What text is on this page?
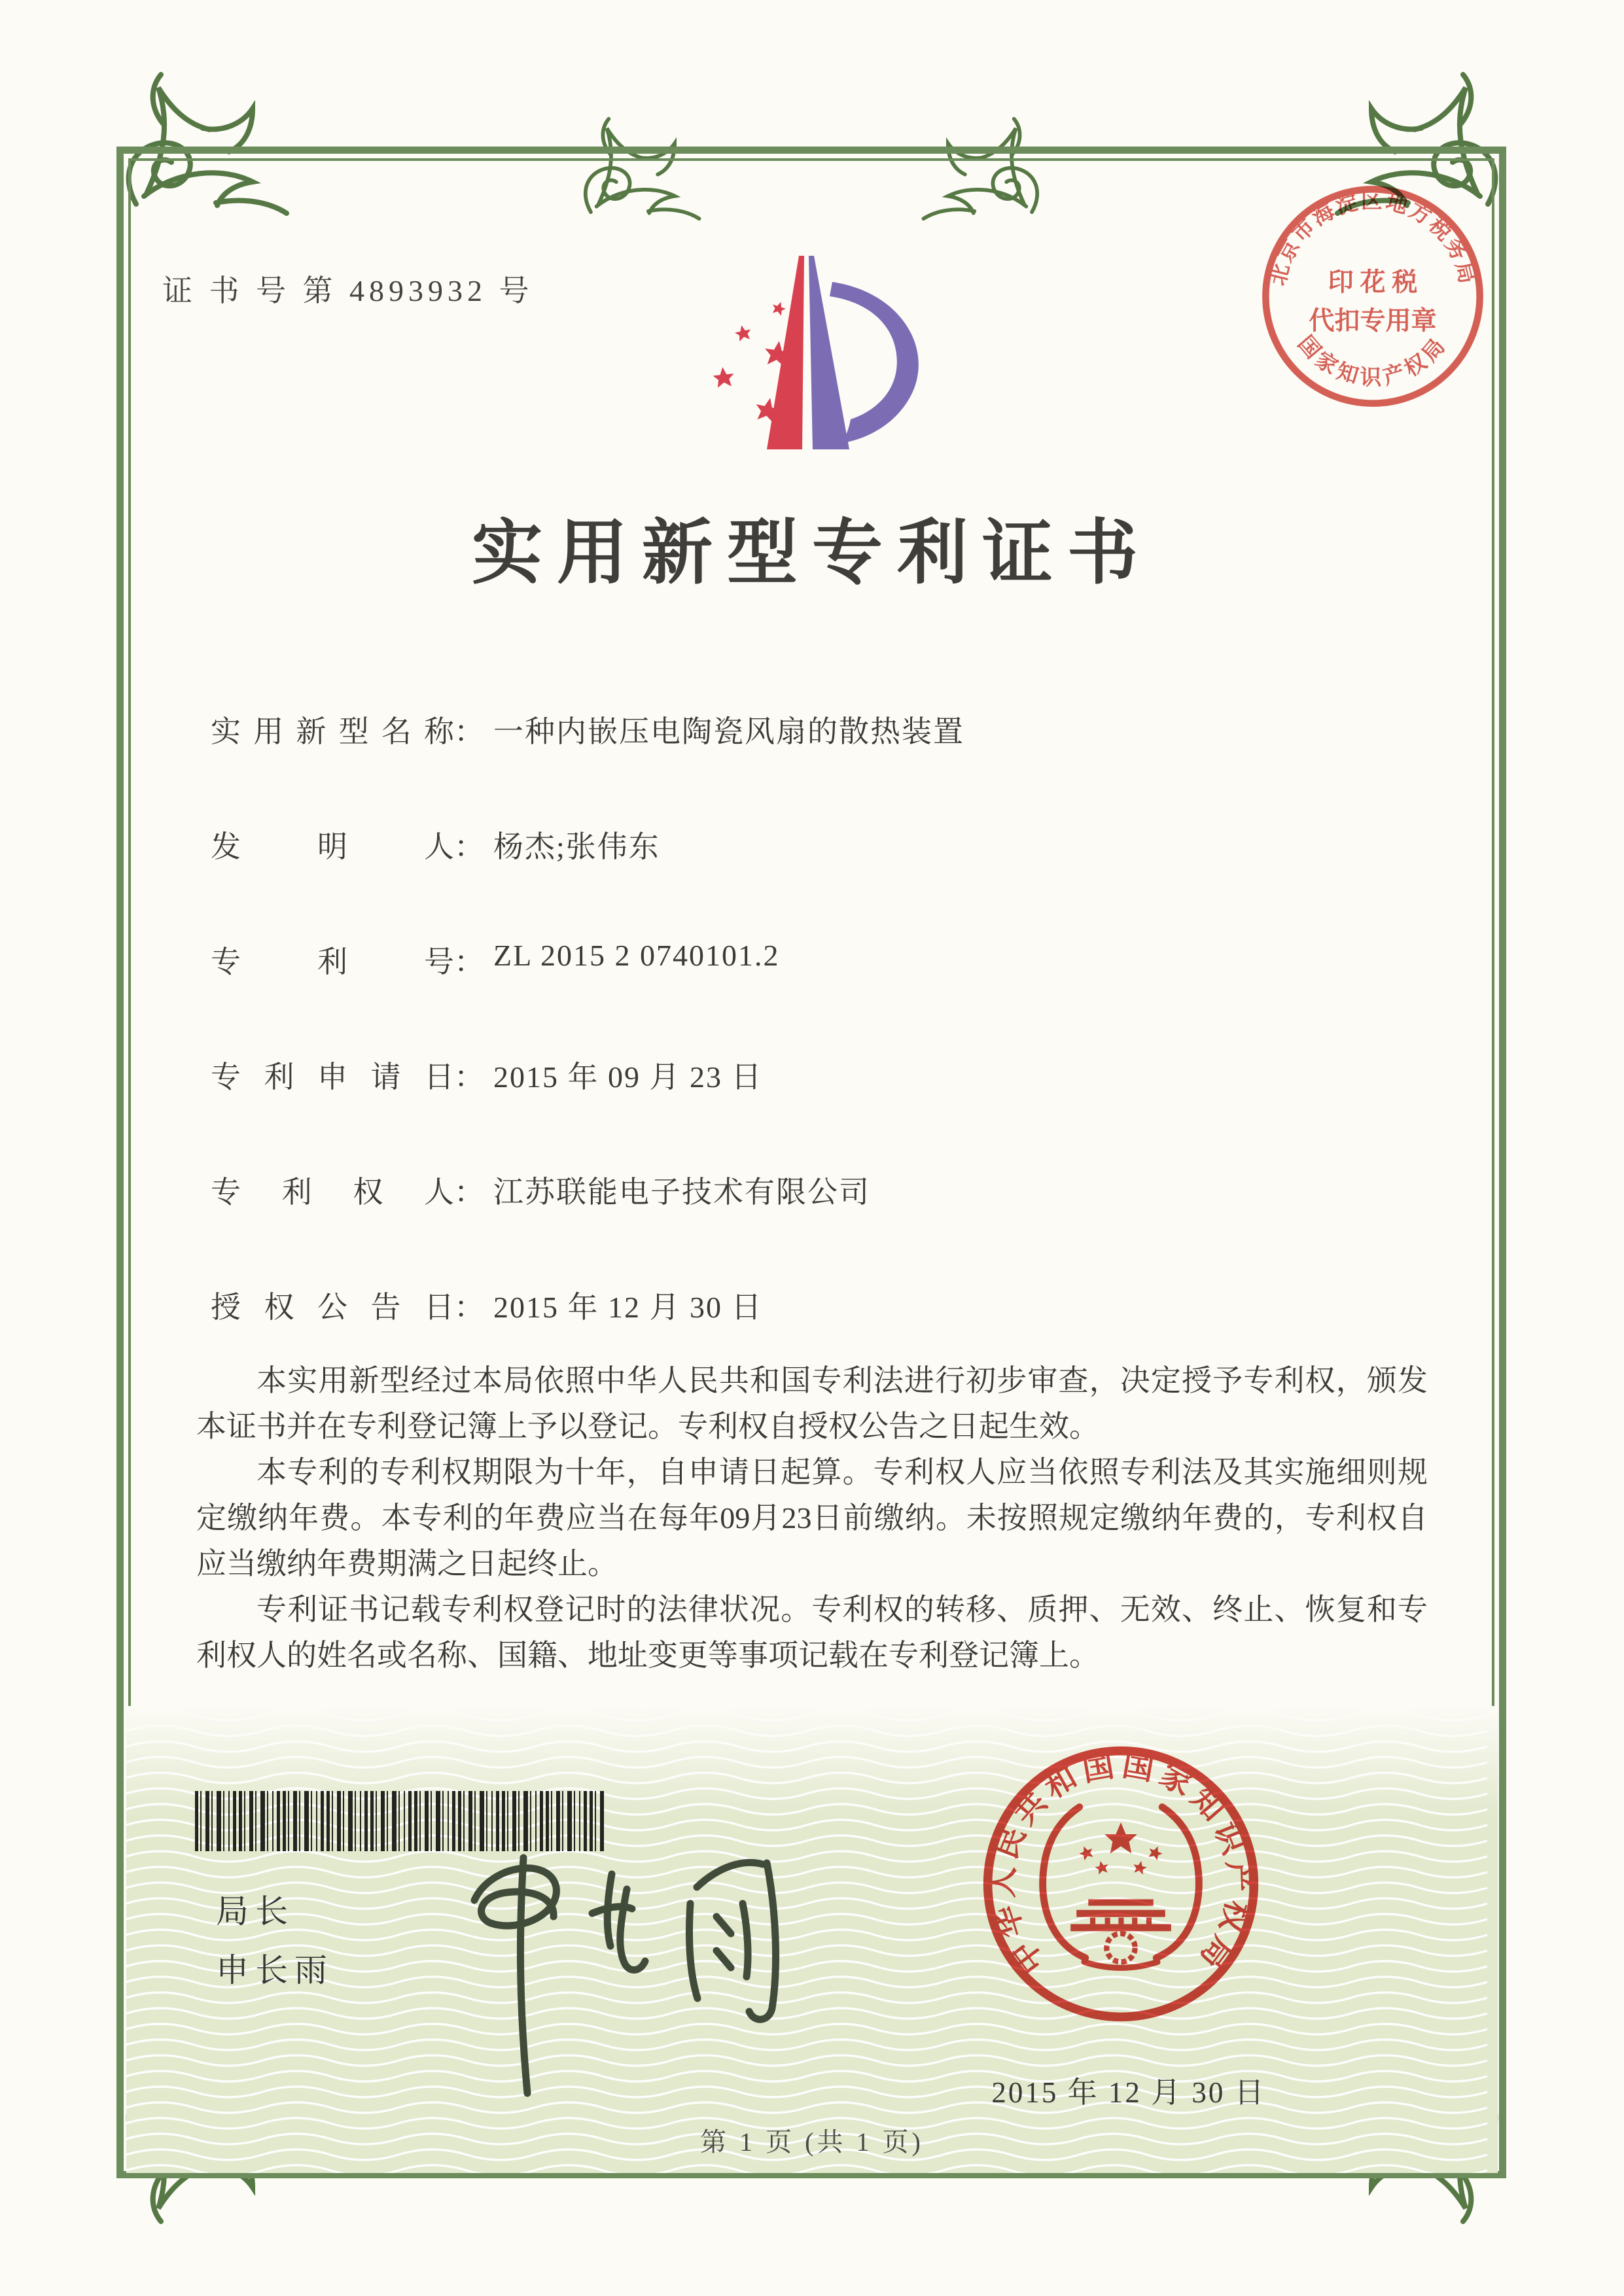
证 书 号 第 4893932 号
北京市海淀区地方税务局
国家知识产权局
印 花 税
代扣专用章
实用新型专利证书
实用新型名称： 一种内嵌压电陶瓷风扇的散热装置
发明人： 杨杰;张伟东
专利号： ZL 2015 2 0740101.2
专利申请日： 2015 年 09 月 23 日
专利权人： 江苏联能电子技术有限公司
授权公告日： 2015 年 12 月 30 日

本实用新型经过本局依照中华人民共和国专利法进行初步审查，决定授予专利权，颁发本证书并在专利登记簿上予以登记。专利权自授权公告之日起生效。

本专利的专利权期限为十年，自申请日起算。专利权人应当依照专利法及其实施细则规定缴纳年费。本专利的年费应当在每年09月23日前缴纳。未按照规定缴纳年费的，专利权自应当缴纳年费期满之日起终止。

专利证书记载专利权登记时的法律状况。专利权的转移、质押、无效、终止、恢复和专利权人的姓名或名称、国籍、地址变更等事项记载在专利登记簿上。

局长
申长雨	中华人民共和国国家知识产权局
2015 年 12 月 30 日
第 1 页 (共 1 页)
